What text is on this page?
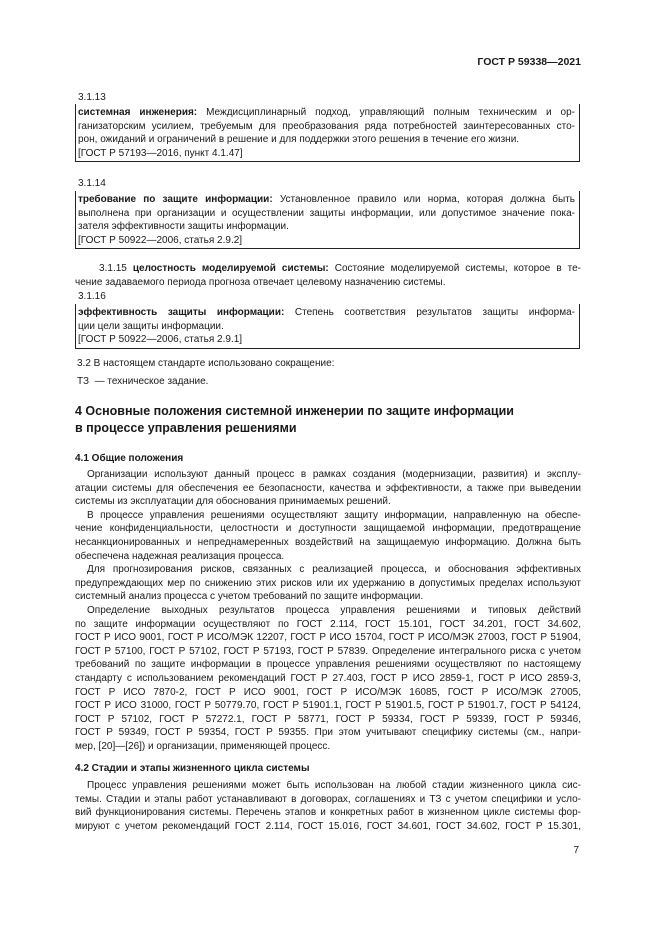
ГОСТ Р 59338—2021
3.1.13
системная инженерия: Междисциплинарный подход, управляющий полным техническим и ор-
ганизаторским усилием, требуемым для преобразования ряда потребностей заинтересованных сто-
рон, ожиданий и ограничений в решение и для поддержки этого решения в течение его жизни.
[ГОСТ Р 57193—2016, пункт 4.1.47]
3.1.14
требование по защите информации: Установленное правило или норма, которая должна быть
выполнена при организации и осуществлении защиты информации, или допустимое значение пока-
зателя эффективности защиты информации.
[ГОСТ Р 50922—2006, статья 2.9.2]
3.1.15 целостность моделируемой системы: Состояние моделируемой системы, которое в те-
чение задаваемого периода прогноза отвечает целевому назначению системы.
3.1.16
эффективность защиты информации: Степень соответствия результатов защиты информа-
ции цели защиты информации.
[ГОСТ Р 50922—2006, статья 2.9.1]
3.2 В настоящем стандарте использовано сокращение:
ТЗ  — техническое задание.
4 Основные положения системной инженерии по защите информации
в процессе управления решениями
4.1 Общие положения
Организации используют данный процесс в рамках создания (модернизации, развития) и эксплу-
атации системы для обеспечения ее безопасности, качества и эффективности, а также при выведении
системы из эксплуатации для обоснования принимаемых решений.
В процессе управления решениями осуществляют защиту информации, направленную на обеспе-
чение конфиденциальности, целостности и доступности защищаемой информации, предотвращение
несанкционированных и непреднамеренных воздействий на защищаемую информацию. Должна быть
обеспечена надежная реализация процесса.
Для прогнозирования рисков, связанных с реализацией процесса, и обоснования эффективных
предупреждающих мер по снижению этих рисков или их удержанию в допустимых пределах используют
системный анализ процесса с учетом требований по защите информации.
Определение выходных результатов процесса управления решениями и типовых действий
по защите информации осуществляют по ГОСТ 2.114, ГОСТ 15.101, ГОСТ 34.201, ГОСТ 34.602,
ГОСТ Р ИСО 9001, ГОСТ Р ИСО/МЭК 12207, ГОСТ Р ИСО 15704, ГОСТ Р ИСО/МЭК 27003, ГОСТ Р 51904,
ГОСТ Р 57100, ГОСТ Р 57102, ГОСТ Р 57193, ГОСТ Р 57839. Определение интегрального риска с учетом
требований по защите информации в процессе управления решениями осуществляют по настоящему
стандарту с использованием рекомендаций ГОСТ Р 27.403, ГОСТ Р ИСО 2859-1, ГОСТ Р ИСО 2859-3,
ГОСТ Р ИСО 7870-2, ГОСТ Р ИСО 9001, ГОСТ Р ИСО/МЭК 16085, ГОСТ Р ИСО/МЭК 27005,
ГОСТ Р ИСО 31000, ГОСТ Р 50779.70, ГОСТ Р 51901.1, ГОСТ Р 51901.5, ГОСТ Р 51901.7, ГОСТ Р 54124,
ГОСТ Р 57102, ГОСТ Р 57272.1, ГОСТ Р 58771, ГОСТ Р 59334, ГОСТ Р 59339, ГОСТ Р 59346,
ГОСТ Р 59349, ГОСТ Р 59354, ГОСТ Р 59355. При этом учитывают специфику системы (см., напри-
мер, [20]—[26]) и организации, применяющей процесс.
4.2 Стадии и этапы жизненного цикла системы
Процесс управления решениями может быть использован на любой стадии жизненного цикла сис-
темы. Стадии и этапы работ устанавливают в договорах, соглашениях и ТЗ с учетом специфики и усло-
вий функционирования системы. Перечень этапов и конкретных работ в жизненном цикле системы фор-
мируют с учетом рекомендаций ГОСТ 2.114, ГОСТ 15.016, ГОСТ 34.601, ГОСТ 34.602, ГОСТ Р 15.301,
7
